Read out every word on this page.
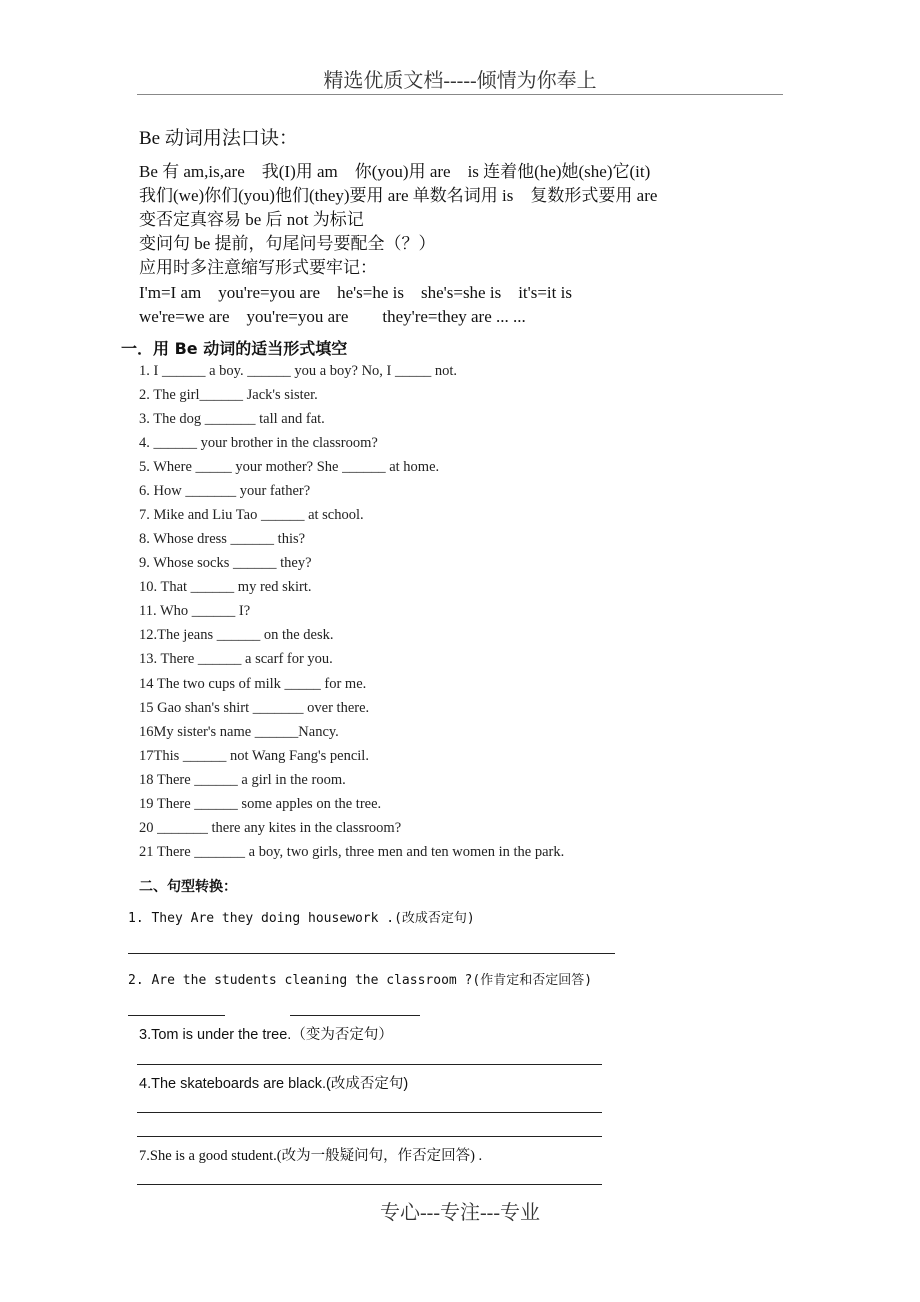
精选优质文档-----倾情为你奉上
Be 动词用法口诀：
Be 有 am,is,are　我(I)用 am　你(you)用 are　is 连着他(he)她(she)它(it)
我们(we)你们(you)他们(they)要用 are 单数名词用 is　复数形式要用 are
变否定真容易 be 后 not 为标记
变问句 be 提前，句尾问号要配全（？）
应用时多注意缩写形式要牢记：
I'm=I am　you're=you are　he's=he is　she's=she is　it's=it is
we're=we are　you're=you are　　they're=they are ... ...
一．用 Be 动词的适当形式填空
1. I ______ a boy. ______ you a boy? No, I _____ not.
2. The girl______ Jack's sister.
3. The dog _______ tall and fat.
4. ______ your brother in the classroom?
5. Where _____ your mother? She ______ at home.
6. How _______ your father?
7. Mike and Liu Tao ______ at school.
8. Whose dress ______ this?
9. Whose socks ______ they?
10. That ______ my red skirt.
11. Who ______ I?
12.The jeans ______ on the desk.
13. There ______ a scarf for you.
14 The two cups of milk _____ for me.
15 Gao shan's shirt _______ over there.
16My sister's name ______Nancy.
17This ______ not Wang Fang's pencil.
18 There ______ a girl in the room.
19 There ______ some apples on the tree.
20 _______ there any kites in the classroom?
21 There _______ a boy, two girls, three men and ten women in the park.
二、句型转换：
1. They Are they doing housework .(改成否定句)
2. Are the students cleaning the classroom ?(作肯定和否定回答)
3.Tom is under the tree.（变为否定句）
4.The skateboards are black.(改成否定句)
7.She is a good student.(改为一般疑问句，作否定回答) .
专心---专注---专业
